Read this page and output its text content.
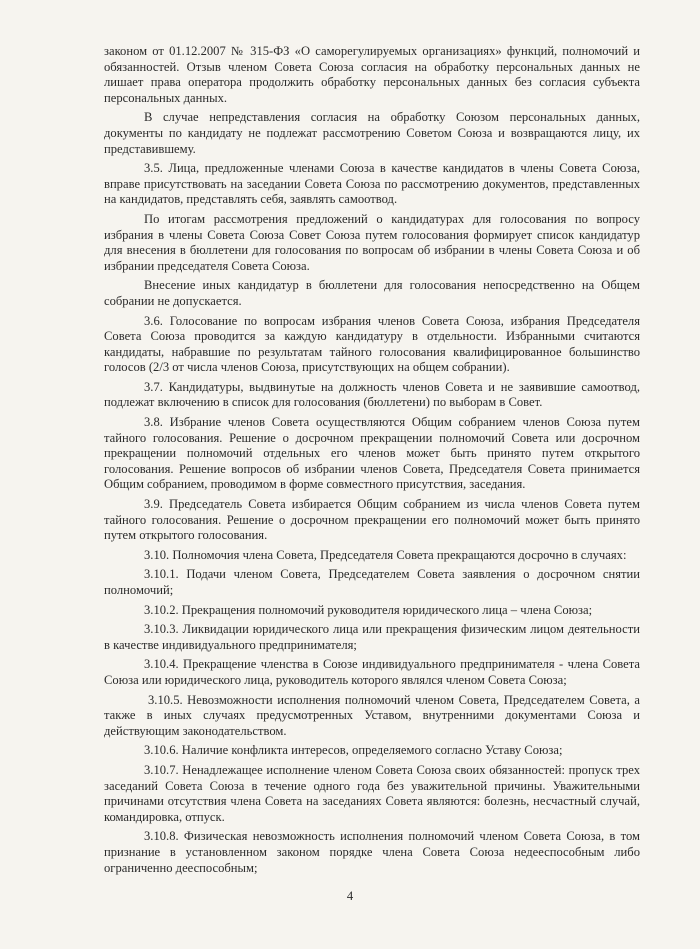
законом от 01.12.2007 № 315-ФЗ «О саморегулируемых организациях» функций, полномочий и обязанностей. Отзыв членом Совета Союза согласия на обработку персональных данных не лишает права оператора продолжить обработку персональных данных без согласия субъекта персональных данных.

В случае непредставления согласия на обработку Союзом персональных данных, документы по кандидату не подлежат рассмотрению Советом Союза и возвращаются лицу, их представившему.

3.5. Лица, предложенные членами Союза в качестве кандидатов в члены Совета Союза, вправе присутствовать на заседании Совета Союза по рассмотрению документов, представленных на кандидатов, представлять себя, заявлять самоотвод.

По итогам рассмотрения предложений о кандидатурах для голосования по вопросу избрания в члены Совета Союза Совет Союза путем голосования формирует список кандидатур для внесения в бюллетени для голосования по вопросам об избрании в члены Совета Союза и об избрании председателя Совета Союза.

Внесение иных кандидатур в бюллетени для голосования непосредственно на Общем собрании не допускается.

3.6. Голосование по вопросам избрания членов Совета Союза, избрания Председателя Совета Союза проводится за каждую кандидатуру в отдельности. Избранными считаются кандидаты, набравшие по результатам тайного голосования квалифицированное большинство голосов (2/3 от числа членов Союза, присутствующих на общем собрании).

3.7. Кандидатуры, выдвинутые на должность членов Совета и не заявившие самоотвод, подлежат включению в список для голосования (бюллетени) по выборам в Совет.

3.8. Избрание членов Совета осуществляются Общим собранием членов Союза путем тайного голосования. Решение о досрочном прекращении полномочий Совета или досрочном прекращении полномочий отдельных его членов может быть принято путем открытого голосования. Решение вопросов об избрании членов Совета, Председателя Совета принимается Общим собранием, проводимом в форме совместного присутствия, заседания.

3.9. Председатель Совета избирается Общим собранием из числа членов Совета путем тайного голосования. Решение о досрочном прекращении его полномочий может быть принято путем открытого голосования.

3.10. Полномочия члена Совета, Председателя Совета прекращаются досрочно в случаях:

3.10.1. Подачи членом Совета, Председателем Совета заявления о досрочном снятии полномочий;

3.10.2. Прекращения полномочий руководителя юридического лица – члена Союза;

3.10.3. Ликвидации юридического лица или прекращения физическим лицом деятельности в качестве индивидуального предпринимателя;

3.10.4. Прекращение членства в Союзе индивидуального предпринимателя - члена Совета Союза или юридического лица, руководитель которого являлся членом Совета Союза;

3.10.5. Невозможности исполнения полномочий членом Совета, Председателем Совета, а также в иных случаях предусмотренных Уставом, внутренними документами Союза и действующим законодательством.

3.10.6. Наличие конфликта интересов, определяемого согласно Уставу Союза;

3.10.7. Ненадлежащее исполнение членом Совета Союза своих обязанностей: пропуск трех заседаний Совета Союза в течение одного года без уважительной причины. Уважительными причинами отсутствия члена Совета на заседаниях Совета являются: болезнь, несчастный случай, командировка, отпуск.

3.10.8. Физическая невозможность исполнения полномочий членом Совета Союза, в том признание в установленном законом порядке члена Совета Союза недееспособным либо ограниченно дееспособным;

4
